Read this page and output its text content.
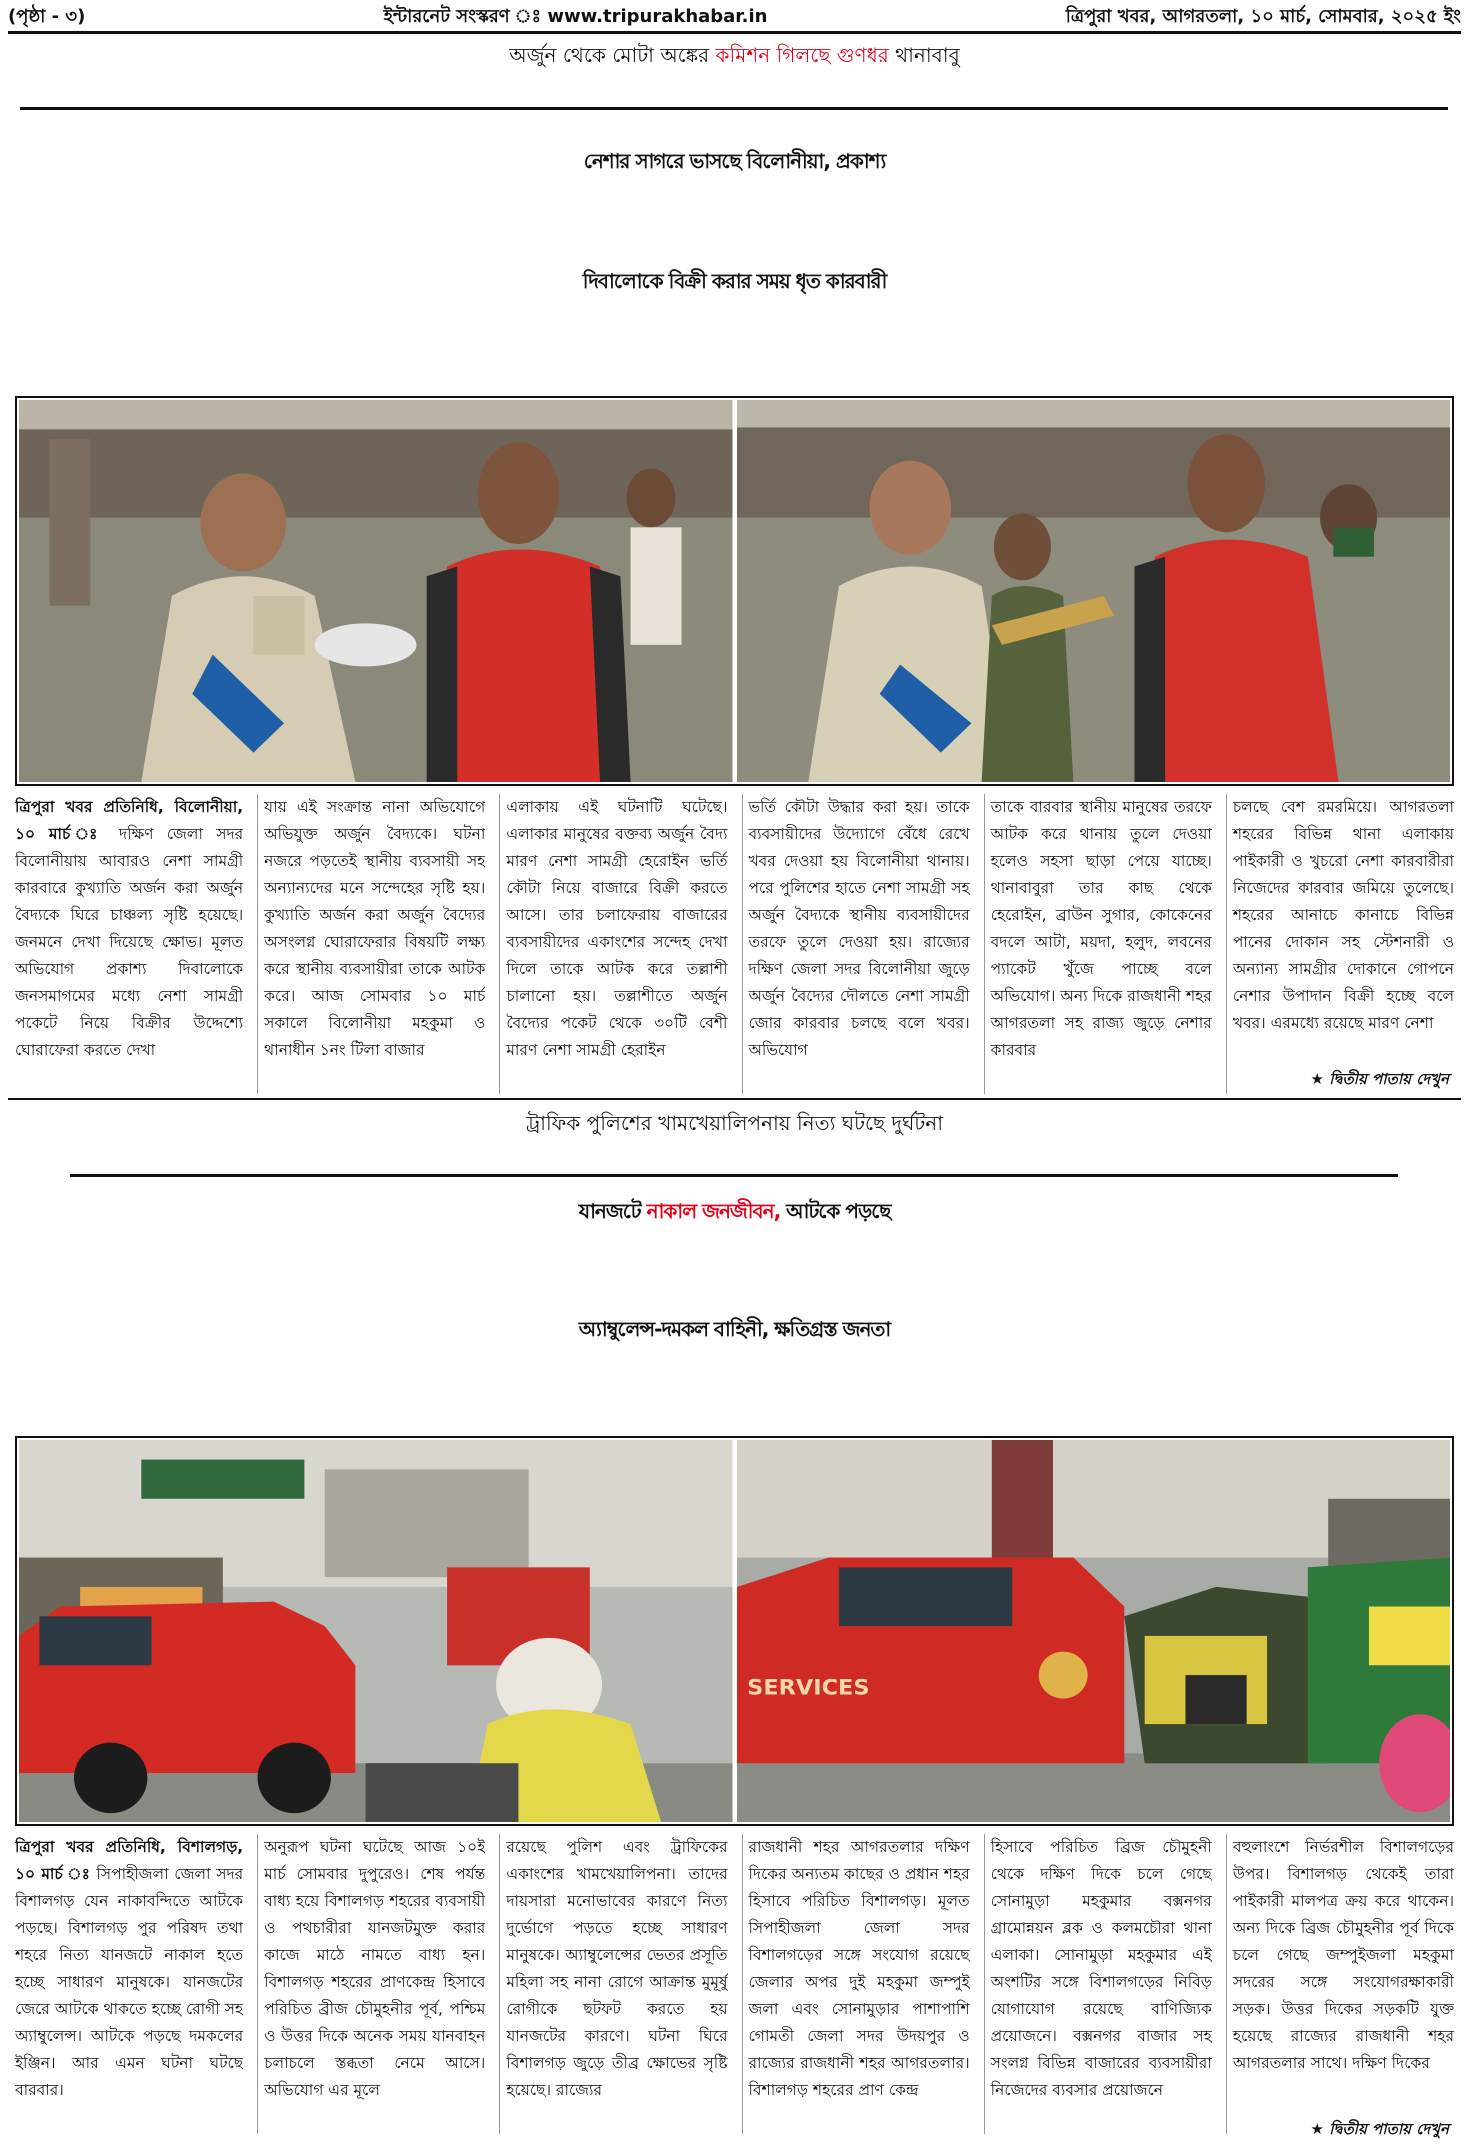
(পৃষ্ঠা - ৩)	ইন্টারনেট সংস্করণ ঃ www.tripurakhabar.in	ত্রিপুরা খবর, আগরতলা, ১০ মার্চ, সোমবার, ২০২৫ ইং
অর্জুন থেকে মোটা অঙ্কের কমিশন গিলছে গুণধর থানাবাবু
নেশার সাগরে ভাসছে বিলোনীয়া, প্রকাশ্য
দিবালোকে বিক্রী করার সময় ধৃত কারবারী
ত্রিপুরা খবর প্রতিনিধি, বিলোনীয়া, ১০ মার্চ ঃ দক্ষিণ জেলা সদর বিলোনীয়ায় আবারও নেশা সামগ্রী কারবারে কুখ্যাতি অর্জন করা অর্জুন বৈদ্যকে ঘিরে চাঞ্চল্য সৃষ্টি হয়েছে। জনমনে দেখা দিয়েছে ক্ষোভ। মূলত অভিযোগ প্রকাশ্য দিবালোকে জনসমাগমের মধ্যে নেশা সামগ্রী পকেটে নিয়ে বিক্রীর উদ্দেশ্যে ঘোরাফেরা করতে দেখা
যায় এই সংক্রান্ত নানা অভিযোগে অভিযুক্ত অর্জুন বৈদ্যকে। ঘটনা নজরে পড়তেই স্থানীয় ব্যবসায়ী সহ অন্যান্যদের মনে সন্দেহের সৃষ্টি হয়। কুখ্যাতি অর্জন করা অর্জুন বৈদ্যের অসংলগ্ন ঘোরাফেরার বিষয়টি লক্ষ্য করে স্থানীয় ব্যবসায়ীরা তাকে আটক করে। আজ সোমবার ১০ মার্চ সকালে বিলোনীয়া মহকুমা ও থানাধীন ১নং টিলা বাজার
এলাকায় এই ঘটনাটি ঘটেছে। এলাকার মানুষের বক্তব্য অর্জুন বৈদ্য মারণ নেশা সামগ্রী হেরোইন ভর্তি কৌটা নিয়ে বাজারে বিক্রী করতে আসে। তার চলাফেরায় বাজারের ব্যবসায়ীদের একাংশের সন্দেহ দেখা দিলে তাকে আটক করে তল্লাশী চালানো হয়। তল্লাশীতে অর্জুন বৈদ্যের পকেট থেকে ৩০টি বেশী মারণ নেশা সামগ্রী হেরাইন
ভর্তি কৌটা উদ্ধার করা হয়। তাকে ব্যবসায়ীদের উদ্যোগে বেঁধে রেখে খবর দেওয়া হয় বিলোনীয়া থানায়। পরে পুলিশের হাতে নেশা সামগ্রী সহ অর্জুন বৈদ্যকে স্থানীয় ব্যবসায়ীদের তরফে তুলে দেওয়া হয়। রাজ্যের দক্ষিণ জেলা সদর বিলোনীয়া জুড়ে অর্জুন বৈদ্যের দৌলতে নেশা সামগ্রী জোর কারবার চলছে বলে খবর। অভিযোগ
তাকে বারবার স্থানীয় মানুষের তরফে আটক করে থানায় তুলে দেওয়া হলেও সহসা ছাড়া পেয়ে যাচ্ছে। থানাবাবুরা তার কাছ থেকে হেরোইন, ব্রাউন সুগার, কোকেনের বদলে আটা, ময়দা, হলুদ, লবনের প্যাকেট খুঁজে পাচ্ছে বলে অভিযোগ। অন্য দিকে রাজধানী শহর আগরতলা সহ রাজ্য জুড়ে নেশার কারবার
চলছে বেশ রমরমিয়ে। আগরতলা শহরের বিভিন্ন থানা এলাকায় পাইকারী ও খুচরো নেশা কারবারীরা নিজেদের কারবার জমিয়ে তুলেছে। শহরের আনাচে কানাচে বিভিন্ন পানের দোকান সহ স্টেশনারী ও অন্যান্য সামগ্রীর দোকানে গোপনে নেশার উপাদান বিক্রী হচ্ছে বলে খবর। এরমধ্যে রয়েছে মারণ নেশা
★ দ্বিতীয় পাতায় দেখুন
ট্রাফিক পুলিশের খামখেয়ালিপনায় নিত্য ঘটছে দুর্ঘটনা
যানজটে নাকাল জনজীবন, আটকে পড়ছে
অ্যাম্বুলেন্স-দমকল বাহিনী, ক্ষতিগ্রস্ত জনতা
SERVICES
ত্রিপুরা খবর প্রতিনিধি, বিশালগড়, ১০ মার্চ ঃ সিপাহীজলা জেলা সদর বিশালগড় যেন নাকাবন্দিতে আটকে পড়ছে। বিশালগড় পুর পরিষদ তথা শহরে নিত্য যানজটে নাকাল হতে হচ্ছে সাধারণ মানুষকে। যানজটের জেরে আটকে থাকতে হচ্ছে রোগী সহ অ্যাম্বুলেন্স। আটকে পড়ছে দমকলের ইঞ্জিন। আর এমন ঘটনা ঘটছে বারবার।
অনুরূপ ঘটনা ঘটেছে আজ ১০ই মার্চ সোমবার দুপুরেও। শেষ পর্যন্ত বাধ্য হয়ে বিশালগড় শহরের ব্যবসায়ী ও পথচারীরা যানজটমুক্ত করার কাজে মাঠে নামতে বাধ্য হন। বিশালগড় শহরের প্রাণকেন্দ্র হিসাবে পরিচিত ব্রীজ চৌমুহনীর পূর্ব, পশ্চিম ও উত্তর দিকে অনেক সময় যানবাহন চলাচলে স্তব্ধতা নেমে আসে। অভিযোগ এর মূলে
রয়েছে পুলিশ এবং ট্রাফিকের একাংশের খামখেয়ালিপনা। তাদের দায়সারা মনোভাবের কারণে নিত্য দুর্ভোগে পড়তে হচ্ছে সাধারণ মানুষকে। অ্যাম্বুলেন্সের ভেতর প্রসূতি মহিলা সহ নানা রোগে আক্রান্ত মুমূর্ষু রোগীকে ছটফট করতে হয় যানজটের কারণে। ঘটনা ঘিরে বিশালগড় জুড়ে তীব্র ক্ষোভের সৃষ্টি হয়েছে। রাজ্যের
রাজধানী শহর আগরতলার দক্ষিণ দিকের অন্যতম কাছের ও প্রধান শহর হিসাবে পরিচিত বিশালগড়। মূলত সিপাহীজলা জেলা সদর বিশালগড়ের সঙ্গে সংযোগ রয়েছে জেলার অপর দুই মহকুমা জম্পুই জলা এবং সোনামুড়ার পাশাপাশি গোমতী জেলা সদর উদয়পুর ও রাজ্যের রাজধানী শহর আগরতলার। বিশালগড় শহরের প্রাণ কেন্দ্র
হিসাবে পরিচিত ব্রিজ চৌমুহনী থেকে দক্ষিণ দিকে চলে গেছে সোনামুড়া মহকুমার বক্সনগর গ্রামোন্নয়ন ব্লক ও কলমচৌরা থানা এলাকা। সোনামুড়া মহকুমার এই অংশটির সঙ্গে বিশালগড়ের নিবিড় যোগাযোগ রয়েছে বাণিজ্যিক প্রয়োজনে। বক্সনগর বাজার সহ সংলগ্ন বিভিন্ন বাজারের ব্যবসায়ীরা নিজেদের ব্যবসার প্রয়োজনে
বহুলাংশে নির্ভরশীল বিশালগড়ের উপর। বিশালগড় থেকেই তারা পাইকারী মালপত্র ক্রয় করে থাকেন। অন্য দিকে ব্রিজ চৌমুহনীর পূর্ব দিকে চলে গেছে জম্পুইজলা মহকুমা সদরের সঙ্গে সংযোগরক্ষাকারী সড়ক। উত্তর দিকের সড়কটি যুক্ত হয়েছে রাজ্যের রাজধানী শহর আগরতলার সাথে। দক্ষিণ দিকের
★ দ্বিতীয় পাতায় দেখুন
